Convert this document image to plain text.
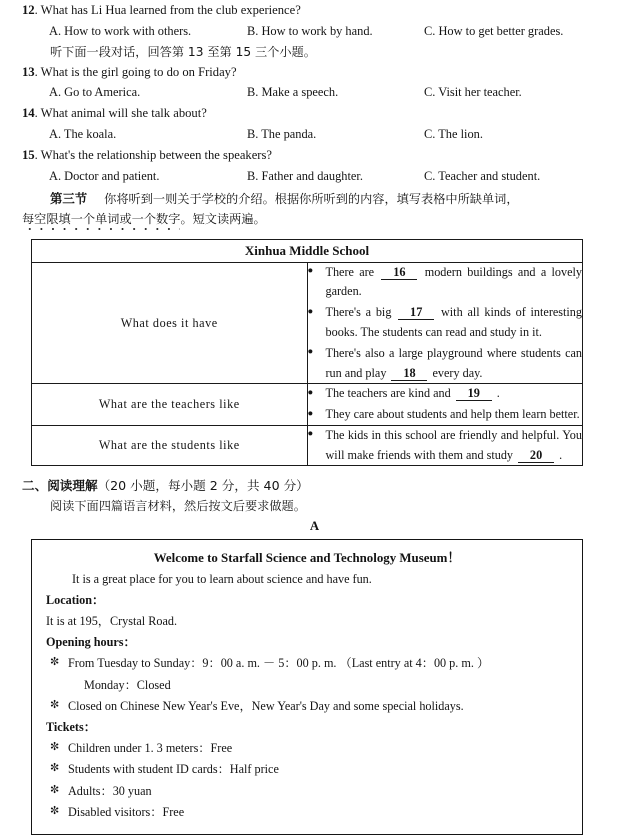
12. What has Li Hua learned from the club experience?
A. How to work with others.	B. How to work by hand.	C. How to get better grades.
听下面一段对话，回答第 13 至第 15 三个小题。
13. What is the girl going to do on Friday?
A. Go to America.	B. Make a speech.	C. Visit her teacher.
14. What animal will she talk about?
A. The koala.	B. The panda.	C. The lion.
15. What's the relationship between the speakers?
A. Doctor and patient.	B. Father and daughter.	C. Teacher and student.
第三节 你将听到一则关于学校的介绍。根据你所听到的内容，填写表格中所缺单词，
每空限填一个单词或一个数字。短文读两遍。
Xinhua Middle School	
What does it have	● There are 16 modern buildings and a lovely garden.
● There's a big 17 with all kinds of interesting books. The students can read and study in it.
● There's also a large playground where students can run and play 18 every day.

What are the teachers like	● The teachers are kind and 19 .
● They care about students and help them learn better.

What are the students like	● The kids in this school are friendly and helpful. You will make friends with them and study 20 .
二、阅读理解（20 小题，每小题 2 分，共 40 分）
阅读下面四篇语言材料，然后按文后要求做题。
A
Welcome to Starfall Science and Technology Museum！
It is a great place for you to learn about science and have fun.
Location：
It is at 195，Crystal Road.
Opening hours：
✼ From Tuesday to Sunday：9：00 a. m. － 5：00 p. m. （Last entry at 4：00 p. m. ）
Monday：Closed
✼ Closed on Chinese New Year's Eve，New Year's Day and some special holidays.
Tickets：
✼ Children under 1. 3 meters：Free
✼ Students with student ID cards：Half price
✼ Adults：30 yuan
✼ Disabled visitors：Free
